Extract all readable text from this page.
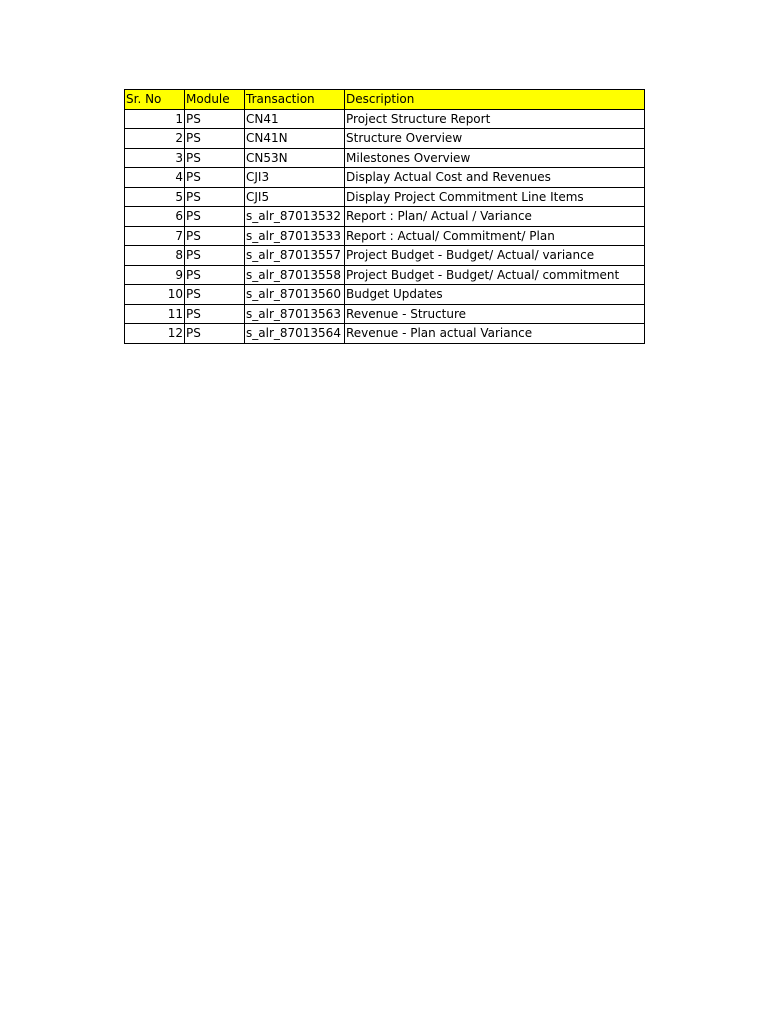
Sr. No	Module	Transaction	Description
1	PS	CN41	Project Structure Report
2	PS	CN41N	Structure Overview
3	PS	CN53N	Milestones Overview
4	PS	CJI3	Display Actual Cost and Revenues
5	PS	CJI5	Display Project Commitment Line Items
6	PS	s_alr_87013532	Report : Plan/ Actual / Variance
7	PS	s_alr_87013533	Report : Actual/ Commitment/ Plan
8	PS	s_alr_87013557	Project Budget - Budget/ Actual/ variance
9	PS	s_alr_87013558	Project Budget - Budget/ Actual/ commitment
10	PS	s_alr_87013560	Budget Updates
11	PS	s_alr_87013563	Revenue - Structure
12	PS	s_alr_87013564	Revenue - Plan actual Variance
